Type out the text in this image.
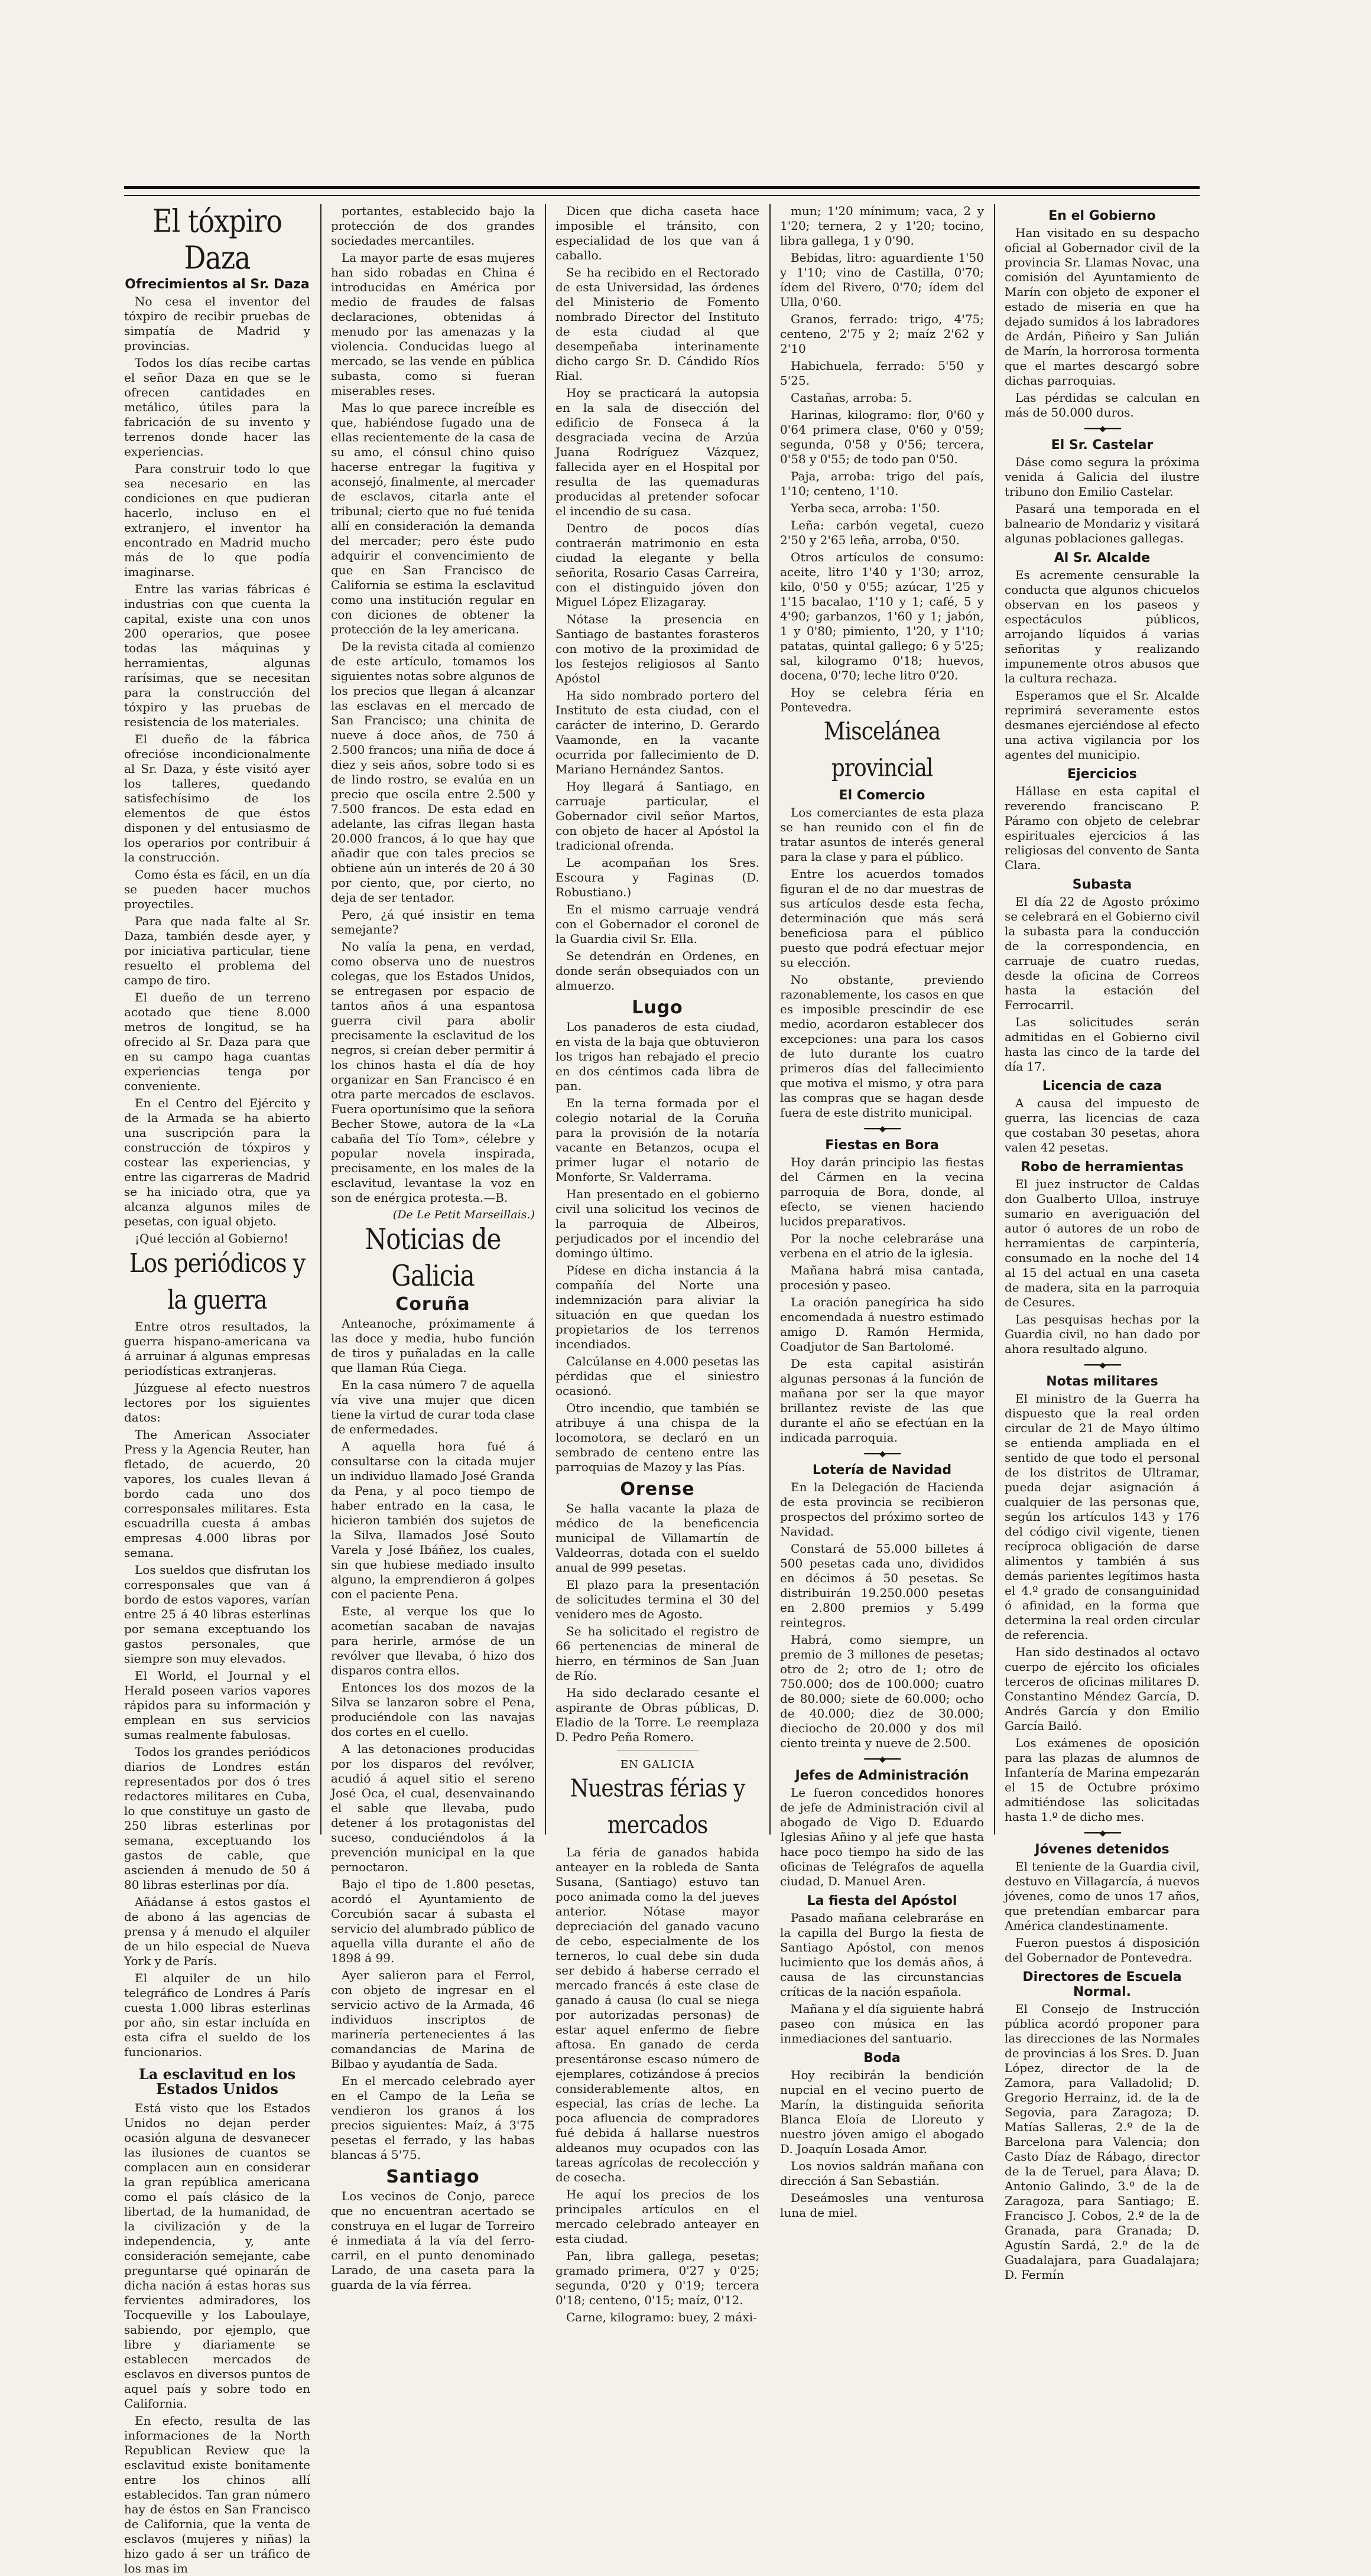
El tóxpiro Daza
Ofrecimientos al Sr. Daza

No cesa el inventor del tóxpiro de recibir pruebas de simpatía de Madrid y provincias.

Todos los días recibe cartas el señor Daza en que se le ofrecen cantidades en metálico, útiles para la fabricación de su invento y terrenos donde hacer las experiencias.

Para construir todo lo que sea necesario en las condiciones en que pudieran hacerlo, incluso en el extranjero, el inventor ha encontrado en Madrid mucho más de lo que podía imaginarse.

Entre las varias fábricas é industrias con que cuenta la capital, existe una con unos 200 operarios, que posee todas las máquinas y herramientas, algunas rarísimas, que se necesitan para la construcción del tóxpiro y las pruebas de resistencia de los materiales.

El dueño de la fábrica ofrecióse incondicionalmente al Sr. Daza, y éste visitó ayer los talleres, quedando satisfechísimo de los elementos de que éstos disponen y del entusiasmo de los operarios por contribuir á la construcción.

Como ésta es fácil, en un día se pueden hacer muchos proyectiles.

Para que nada falte al Sr. Daza, también desde ayer, y por iniciativa particular, tiene resuelto el problema del campo de tiro.

El dueño de un terreno acotado que tiene 8.000 metros de longitud, se ha ofrecido al Sr. Daza para que en su campo haga cuantas experiencias tenga por conveniente.

En el Centro del Ejército y de la Armada se ha abierto una suscripción para la construcción de tóxpiros y costear las experiencias, y entre las cigarreras de Madrid se ha iniciado otra, que ya alcanza algunos miles de pesetas, con igual objeto.

¡Qué lección al Gobierno!

Los periódicos y la guerra

Entre otros resultados, la guerra hispano-americana va á arruinar á algunas empresas periodísticas extranjeras.

Júzguese al efecto nuestros lectores por los siguientes datos:

The American Associater Press y la Agencia Reuter, han fletado, de acuerdo, 20 vapores, los cuales llevan á bordo cada uno dos corresponsales militares. Esta escuadrilla cuesta á ambas empresas 4.000 libras por semana.

Los sueldos que disfrutan los corresponsales que van á bordo de estos vapores, varían entre 25 á 40 libras esterlinas por semana exceptuando los gastos personales, que siempre son muy elevados.

El World, el Journal y el Herald poseen varios vapores rápidos para su información y emplean en sus servicios sumas realmente fabulosas.

Todos los grandes periódicos diarios de Londres están representados por dos ó tres redactores militares en Cuba, lo que constituye un gasto de 250 libras esterlinas por semana, exceptuando los gastos de cable, que ascienden á menudo de 50 á 80 libras esterlinas por día.

Añádanse á estos gastos el de abono á las agencias de prensa y á menudo el alquiler de un hilo especial de Nueva York y de París.

El alquiler de un hilo telegráfico de Londres á París cuesta 1.000 libras esterlinas por año, sin estar incluída en esta cifra el sueldo de los funcionarios.

La esclavitud en los Estados Unidos

Está visto que los Estados Unidos no dejan perder ocasión alguna de desvanecer las ilusiones de cuantos se complacen aun en considerar la gran república americana como el país clásico de la libertad, de la humanidad, de la civilización y de la independencia, y, ante consideración semejante, cabe preguntarse qué opinarán de dicha nación á estas horas sus fervientes admiradores, los Tocqueville y los Laboulaye, sabiendo, por ejemplo, que libre y diariamente se establecen mercados de esclavos en diversos puntos de aquel país y sobre todo en California.

En efecto, resulta de las informaciones de la North Republican Review que la esclavitud existe bonitamente entre los chinos allí establecidos. Tan gran número hay de éstos en San Francisco de California, que la venta de esclavos (mujeres y niñas) la hizo gado á ser un tráfico de los mas im

portantes, establecido bajo la protección de dos grandes sociedades mercantiles.

La mayor parte de esas mujeres han sido robadas en China é introducidas en América por medio de fraudes de falsas declaraciones, obtenidas á menudo por las amenazas y la violencia. Conducidas luego al mercado, se las vende en pública subasta, como si fueran miserables reses.

Mas lo que parece increíble es que, habiéndose fugado una de ellas recientemente de la casa de su amo, el cónsul chino quiso hacerse entregar la fugitiva y aconsejó, finalmente, al mercader de esclavos, citarla ante el tribunal; cierto que no fué tenida allí en consideración la demanda del mercader; pero éste pudo adquirir el convencimiento de que en San Francisco de California se estima la esclavitud como una institución regular en con diciones de obtener la protección de la ley americana.

De la revista citada al comienzo de este artículo, tomamos los siguientes notas sobre algunos de los precios que llegan á alcanzar las esclavas en el mercado de San Francisco; una chinita de nueve á doce años, de 750 á 2.500 francos; una niña de doce á diez y seis años, sobre todo si es de lindo rostro, se evalúa en un precio que oscila entre 2.500 y 7.500 francos. De esta edad en adelante, las cifras llegan hasta 20.000 francos, á lo que hay que añadir que con tales precios se obtiene aún un interés de 20 á 30 por ciento, que, por cierto, no deja de ser tentador.

Pero, ¿á qué insistir en tema semejante?

No valía la pena, en verdad, como observa uno de nuestros colegas, que los Estados Unidos, se entregasen por espacio de tantos años á una espantosa guerra civil para abolir precisamente la esclavitud de los negros, si creían deber permitir á los chinos hasta el día de hoy organizar en San Francisco é en otra parte mercados de esclavos. Fuera oportunísimo que la señora Becher Stowe, autora de la «La cabaña del Tío Tom», célebre y popular novela inspirada, precisamente, en los males de la esclavitud, levantase la voz en son de enérgica protesta.—B.

(De Le Petit Marseillais.)
Noticias de Galicia
Coruña

Anteanoche, próximamente á las doce y media, hubo función de tiros y puñaladas en la calle que llaman Rúa Ciega.

En la casa número 7 de aquella vía vive una mujer que dicen tiene la virtud de curar toda clase de enfermedades.

A aquella hora fué á consultarse con la citada mujer un individuo llamado José Granda da Pena, y al poco tiempo de haber entrado en la casa, le hicieron también dos sujetos de la Silva, llamados José Souto Varela y José Ibáñez, los cuales, sin que hubiese mediado insulto alguno, la emprendieron á golpes con el paciente Pena.

Este, al verque los que lo acometían sacaban de navajas para herirle, armóse de un revólver que llevaba, ó hizo dos disparos contra ellos.

Entonces los dos mozos de la Silva se lanzaron sobre el Pena, produciéndole con las navajas dos cortes en el cuello.

A las detonaciones producidas por los disparos del revólver, acudió á aquel sitio el sereno José Oca, el cual, desenvainando el sable que llevaba, pudo detener á los protagonistas del suceso, conduciéndolos á la prevención municipal en la que pernoctaron.

Bajo el tipo de 1.800 pesetas, acordó el Ayuntamiento de Corcubión sacar á subasta el servicio del alumbrado público de aquella villa durante el año de 1898 á 99.

Ayer salieron para el Ferrol, con objeto de ingresar en el servicio activo de la Armada, 46 individuos inscriptos de marinería pertenecientes á las comandancias de Marina de Bilbao y ayudantía de Sada.

En el mercado celebrado ayer en el Campo de la Leña se vendieron los granos á los precios siguientes: Maíz, á 3'75 pesetas el ferrado, y las habas blancas á 5'75.

Santiago

Los vecinos de Conjo, parece que no encuentran acertado se construya en el lugar de Torreiro é inmediata á la vía del ferro-carril, en el punto denominado Larado, de una caseta para la guarda de la vía férrea.

Dicen que dicha caseta hace imposible el tránsito, con especialidad de los que van á caballo.

Se ha recibido en el Rectorado de esta Universidad, las órdenes del Ministerio de Fomento nombrado Director del Instituto de esta ciudad al que desempeñaba interinamente dicho cargo Sr. D. Cándido Ríos Rial.

Hoy se practicará la autopsia en la sala de disección del edificio de Fonseca á la desgraciada vecina de Arzúa Juana Rodríguez Vázquez, fallecida ayer en el Hospital por resulta de las quemaduras producidas al pretender sofocar el incendio de su casa.

Dentro de pocos días contraerán matrimonio en esta ciudad la elegante y bella señorita, Rosario Casas Carreira, con el distinguido jóven don Miguel López Elizagaray.

Nótase la presencia en Santiago de bastantes forasteros con motivo de la proximidad de los festejos religiosos al Santo Apóstol

Ha sido nombrado portero del Instituto de esta ciudad, con el carácter de interino, D. Gerardo Vaamonde, en la vacante ocurrida por fallecimiento de D. Mariano Hernández Santos.

Hoy llegará á Santiago, en carruaje particular, el Gobernador civil señor Martos, con objeto de hacer al Apóstol la tradicional ofrenda.

Le acompañan los Sres. Escoura y Faginas (D. Robustiano.)

En el mismo carruaje vendrá con el Gobernador el coronel de la Guardia civil Sr. Ella.

Se detendrán en Ordenes, en donde serán obsequiados con un almuerzo.

Lugo

Los panaderos de esta ciudad, en vista de la baja que obtuvieron los trigos han rebajado el precio en dos céntimos cada libra de pan.

En la terna formada por el colegio notarial de la Coruña para la provisión de la notaría vacante en Betanzos, ocupa el primer lugar el notario de Monforte, Sr. Valderrama.

Han presentado en el gobierno civil una solicitud los vecinos de la parroquia de Albeiros, perjudicados por el incendio del domingo último.

Pídese en dicha instancia á la compañía del Norte una indemnización para aliviar la situación en que quedan los propietarios de los terrenos incendiados.

Calcúlanse en 4.000 pesetas las pérdidas que el siniestro ocasionó.

Otro incendio, que también se atribuye á una chispa de la locomotora, se declaró en un sembrado de centeno entre las parroquias de Mazoy y las Pías.

Orense

Se halla vacante la plaza de médico de la beneficencia municipal de Villamartín de Valdeorras, dotada con el sueldo anual de 999 pesetas.

El plazo para la presentación de solicitudes termina el 30 del venidero mes de Agosto.

Se ha solicitado el registro de 66 pertenencias de mineral de hierro, en términos de San Juan de Río.

Ha sido declarado cesante el aspirante de Obras públicas, D. Eladio de la Torre. Le reemplaza D. Pedro Peña Romero.

EN GALICIA
Nuestras férias y mercados

La féria de ganados habida anteayer en la robleda de Santa Susana, (Santiago) estuvo tan poco animada como la del jueves anterior. Nótase mayor depreciación del ganado vacuno de cebo, especialmente de los terneros, lo cual debe sin duda ser debido á haberse cerrado el mercado francés á este clase de ganado á causa (lo cual se niega por autorizadas personas) de estar aquel enfermo de fiebre aftosa. En ganado de cerda presentáronse escaso número de ejemplares, cotizándose á precios considerablemente altos, en especial, las crías de leche. La poca afluencia de compradores fué debida á hallarse nuestros aldeanos muy ocupados con las tareas agrícolas de recolección y de cosecha.

He aquí los precios de los principales artículos en el mercado celebrado anteayer en esta ciudad.

Pan, libra gallega, pesetas; gramado primera, 0'27 y 0'25; segunda, 0'20 y 0'19; tercera 0'18; centeno, 0'15; maíz, 0'12.

Carne, kilogramo: buey, 2 máxi-

mun; 1'20 mínimum; vaca, 2 y 1'20; ternera, 2 y 1'20; tocino, libra gallega, 1 y 0'90.

Bebidas, litro: aguardiente 1'50 y 1'10; vino de Castilla, 0'70; ídem del Rivero, 0'70; ídem del Ulla, 0'60.

Granos, ferrado: trigo, 4'75; centeno, 2'75 y 2; maíz 2'62 y 2'10

Habichuela, ferrado: 5'50 y 5'25.

Castañas, arroba: 5.

Harinas, kilogramo: flor, 0'60 y 0'64 primera clase, 0'60 y 0'59; segunda, 0'58 y 0'56; tercera, 0'58 y 0'55; de todo pan 0'50.

Paja, arroba: trigo del país, 1'10; centeno, 1'10.

Yerba seca, arroba: 1'50.

Leña: carbón vegetal, cuezo 2'50 y 2'65 leña, arroba, 0'50.

Otros artículos de consumo: aceite, litro 1'40 y 1'30; arroz, kilo, 0'50 y 0'55; azúcar, 1'25 y 1'15 bacalao, 1'10 y 1; café, 5 y 4'90; garbanzos, 1'60 y 1; jabón, 1 y 0'80; pimiento, 1'20, y 1'10; patatas, quintal gallego; 6 y 5'25; sal, kilogramo 0'18; huevos, docena, 0'70; leche litro 0'20.

Hoy se celebra féria en Pontevedra.

Miscelánea provincial
El Comercio

Los comerciantes de esta plaza se han reunido con el fin de tratar asuntos de interés general para la clase y para el público.

Entre los acuerdos tomados figuran el de no dar muestras de sus artículos desde esta fecha, determinación que más será beneficiosa para el público puesto que podrá efectuar mejor su elección.

No obstante, previendo razonablemente, los casos en que es imposible prescindir de ese medio, acordaron establecer dos excepciones: una para los casos de luto durante los cuatro primeros días del fallecimiento que motiva el mismo, y otra para las compras que se hagan desde fuera de este distrito municipal.

━━━━◆━━━━
Fiestas en Bora

Hoy darán principio las fiestas del Cármen en la vecina parroquia de Bora, donde, al efecto, se vienen haciendo lucidos preparativos.

Por la noche celebraráse una verbena en el atrio de la iglesia.

Mañana habrá misa cantada, procesión y paseo.

La oración panegírica ha sido encomendada á nuestro estimado amigo D. Ramón Hermida, Coadjutor de San Bartolomé.

De esta capital asistirán algunas personas á la función de mañana por ser la que mayor brillantez reviste de las que durante el año se efectúan en la indicada parroquia.

━━━━◆━━━━
Lotería de Navidad

En la Delegación de Hacienda de esta provincia se recibieron prospectos del próximo sorteo de Navidad.

Constará de 55.000 billetes á 500 pesetas cada uno, divididos en décimos á 50 pesetas. Se distribuirán 19.250.000 pesetas en 2.800 premios y 5.499 reintegros.

Habrá, como siempre, un premio de 3 millones de pesetas; otro de 2; otro de 1; otro de 750.000; dos de 100.000; cuatro de 80.000; siete de 60.000; ocho de 40.000; diez de 30.000; dieciocho de 20.000 y dos mil ciento treinta y nueve de 2.500.

━━━━◆━━━━
Jefes de Administración

Le fueron concedidos honores de jefe de Administración civil al abogado de Vigo D. Eduardo Iglesias Añino y al jefe que hasta hace poco tiempo ha sido de las oficinas de Telégrafos de aquella ciudad, D. Manuel Aren.

La fiesta del Apóstol

Pasado mañana celebraráse en la capilla del Burgo la fiesta de Santiago Apóstol, con menos lucimiento que los demás años, á causa de las circunstancias críticas de la nación española.

Mañana y el día siguiente habrá paseo con música en las inmediaciones del santuario.

Boda

Hoy recibirán la bendición nupcial en el vecino puerto de Marín, la distinguida señorita Blanca Eloía de Lloreuto y nuestro jóven amigo el abogado D. Joaquín Losada Amor.

Los novios saldrán mañana con dirección á San Sebastián.

Deseámosles una venturosa luna de miel.

En el Gobierno

Han visitado en su despacho oficial al Gobernador civil de la provincia Sr. Llamas Novac, una comisión del Ayuntamiento de Marín con objeto de exponer el estado de miseria en que ha dejado sumidos á los labradores de Ardán, Piñeiro y San Julián de Marín, la horrorosa tormenta que el martes descargó sobre dichas parroquias.

Las pérdidas se calculan en más de 50.000 duros.

━━━━◆━━━━
El Sr. Castelar

Dáse como segura la próxima venida á Galicia del ilustre tribuno don Emilio Castelar.

Pasará una temporada en el balneario de Mondariz y visitará algunas poblaciones gallegas.

Al Sr. Alcalde

Es acremente censurable la conducta que algunos chicuelos observan en los paseos y espectáculos públicos, arrojando líquidos á varias señoritas y realizando impunemente otros abusos que la cultura rechaza.

Esperamos que el Sr. Alcalde reprimirá severamente estos desmanes ejerciéndose al efecto una activa vigilancia por los agentes del municipio.

Ejercicios

Hállase en esta capital el reverendo franciscano P. Páramo con objeto de celebrar espirituales ejercicios á las religiosas del convento de Santa Clara.

Subasta

El día 22 de Agosto próximo se celebrará en el Gobierno civil la subasta para la conducción de la correspondencia, en carruaje de cuatro ruedas, desde la oficina de Correos hasta la estación del Ferrocarril.

Las solicitudes serán admitidas en el Gobierno civil hasta las cinco de la tarde del día 17.

Licencia de caza

A causa del impuesto de guerra, las licencias de caza que costaban 30 pesetas, ahora valen 42 pesetas.

Robo de herramientas

El juez instructor de Caldas don Gualberto Ulloa, instruye sumario en averiguación del autor ó autores de un robo de herramientas de carpintería, consumado en la noche del 14 al 15 del actual en una caseta de madera, sita en la parroquia de Cesures.

Las pesquisas hechas por la Guardia civil, no han dado por ahora resultado alguno.

━━━━◆━━━━
Notas militares

El ministro de la Guerra ha dispuesto que la real orden circular de 21 de Mayo último se entienda ampliada en el sentido de que todo el personal de los distritos de Ultramar, pueda dejar asignación á cualquier de las personas que, según los artículos 143 y 176 del código civil vigente, tienen recíproca obligación de darse alimentos y también á sus demás parientes legítimos hasta el 4.º grado de consanguinidad ó afinidad, en la forma que determina la real orden circular de referencia.

Han sido destinados al octavo cuerpo de ejército los oficiales terceros de oficinas militares D. Constantino Méndez García, D. Andrés García y don Emilio García Bailó.

Los exámenes de oposición para las plazas de alumnos de Infantería de Marina empezarán el 15 de Octubre próximo admitiéndose las solicitadas hasta 1.º de dicho mes.

━━━━◆━━━━
Jóvenes detenidos

El teniente de la Guardia civil, destuvo en Villagarcía, á nuevos jóvenes, como de unos 17 años, que pretendían embarcar para América clandestinamente.

Fueron puestos á disposición del Gobernador de Pontevedra.

Directores de Escuela Normal.

El Consejo de Instrucción pública acordó proponer para las direcciones de las Normales de provincias á los Sres. D. Juan López, director de la de Zamora, para Valladolid; D. Gregorio Herrainz, id. de la de Segovia, para Zaragoza; D. Matías Salleras, 2.º de la de Barcelona para Valencia; don Casto Díaz de Rábago, director de la de Teruel, para Álava; D. Antonio Galindo, 3.º de la de Zaragoza, para Santiago; E. Francisco J. Cobos, 2.º de la de Granada, para Granada; D. Agustín Sardá, 2.º de la de Guadalajara, para Guadalajara; D. Fermín
